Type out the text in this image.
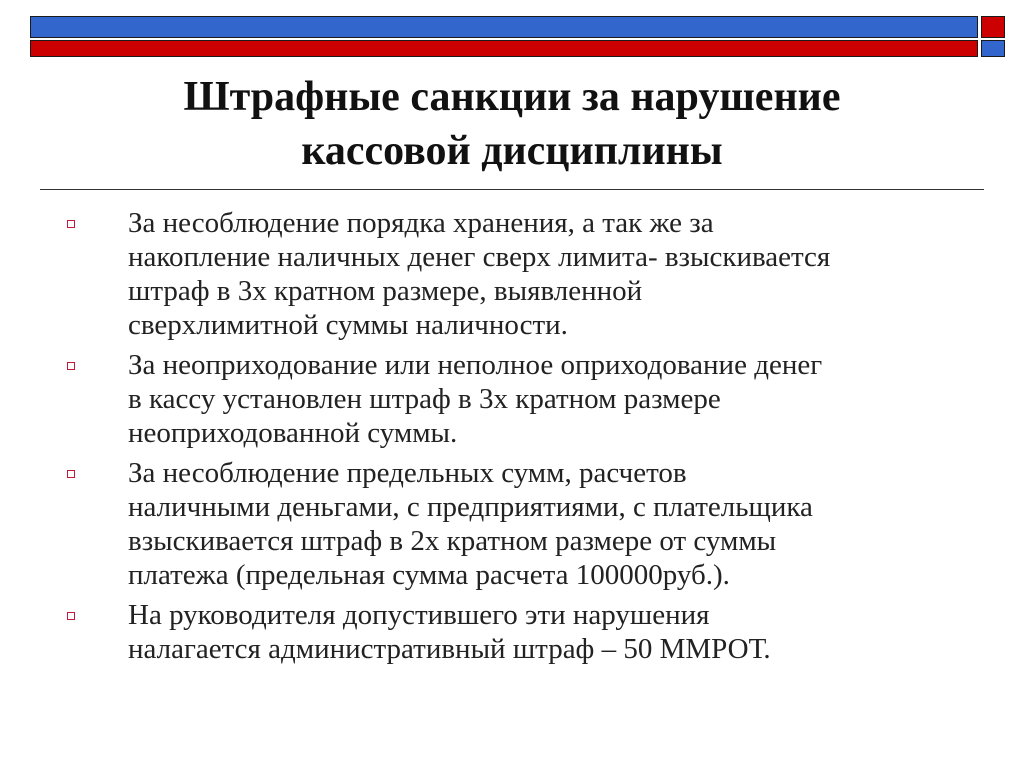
Штрафные санкции за нарушение
кассовой дисциплины
За несоблюдение порядка хранения, а так же за
накопление наличных денег сверх лимита- взыскивается
штраф в 3х кратном размере, выявленной
сверхлимитной суммы наличности.
За неоприходование или неполное оприходование денег
в кассу установлен штраф в 3х кратном размере
неоприходованной суммы.
За несоблюдение предельных сумм, расчетов
наличными деньгами, с предприятиями, с плательщика
взыскивается штраф в 2х кратном размере от суммы
платежа (предельная сумма расчета 100000руб.).
На руководителя допустившего эти нарушения
налагается административный штраф – 50 ММРОТ.
